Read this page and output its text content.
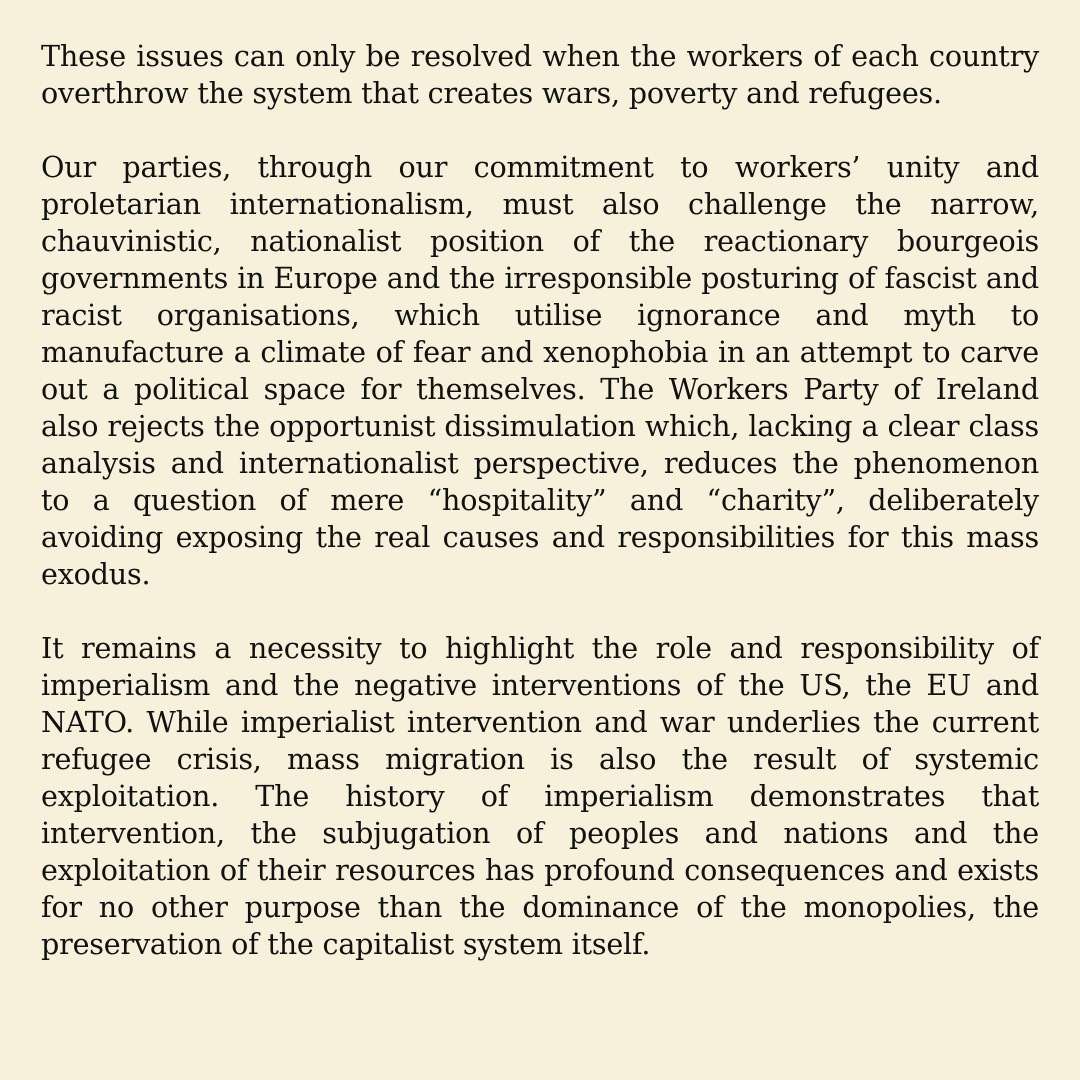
These issues can only be resolved when the workers of each country overthrow the system that creates wars, poverty and refugees.

Our parties, through our commitment to workers’ unity and proletarian internationalism, must also challenge the narrow, chauvinistic, nationalist position of the reactionary bourgeois governments in Europe and the irresponsible posturing of fascist and racist organisations, which utilise ignorance and myth to manufacture a climate of fear and xenophobia in an attempt to carve out a political space for themselves. The Workers Party of Ireland also rejects the opportunist dissimulation which, lacking a clear class analysis and internationalist perspective, reduces the phenomenon to a question of mere “hospitality” and “charity”, deliberately avoiding exposing the real causes and responsibilities for this mass exodus.

It remains a necessity to highlight the role and responsibility of imperialism and the negative interventions of the US, the EU and NATO. While imperialist intervention and war underlies the current refugee crisis, mass migration is also the result of systemic exploitation. The history of imperialism demonstrates that intervention, the subjugation of peoples and nations and the exploitation of their resources has profound consequences and exists for no other purpose than the dominance of the monopolies, the preservation of the capitalist system itself.
